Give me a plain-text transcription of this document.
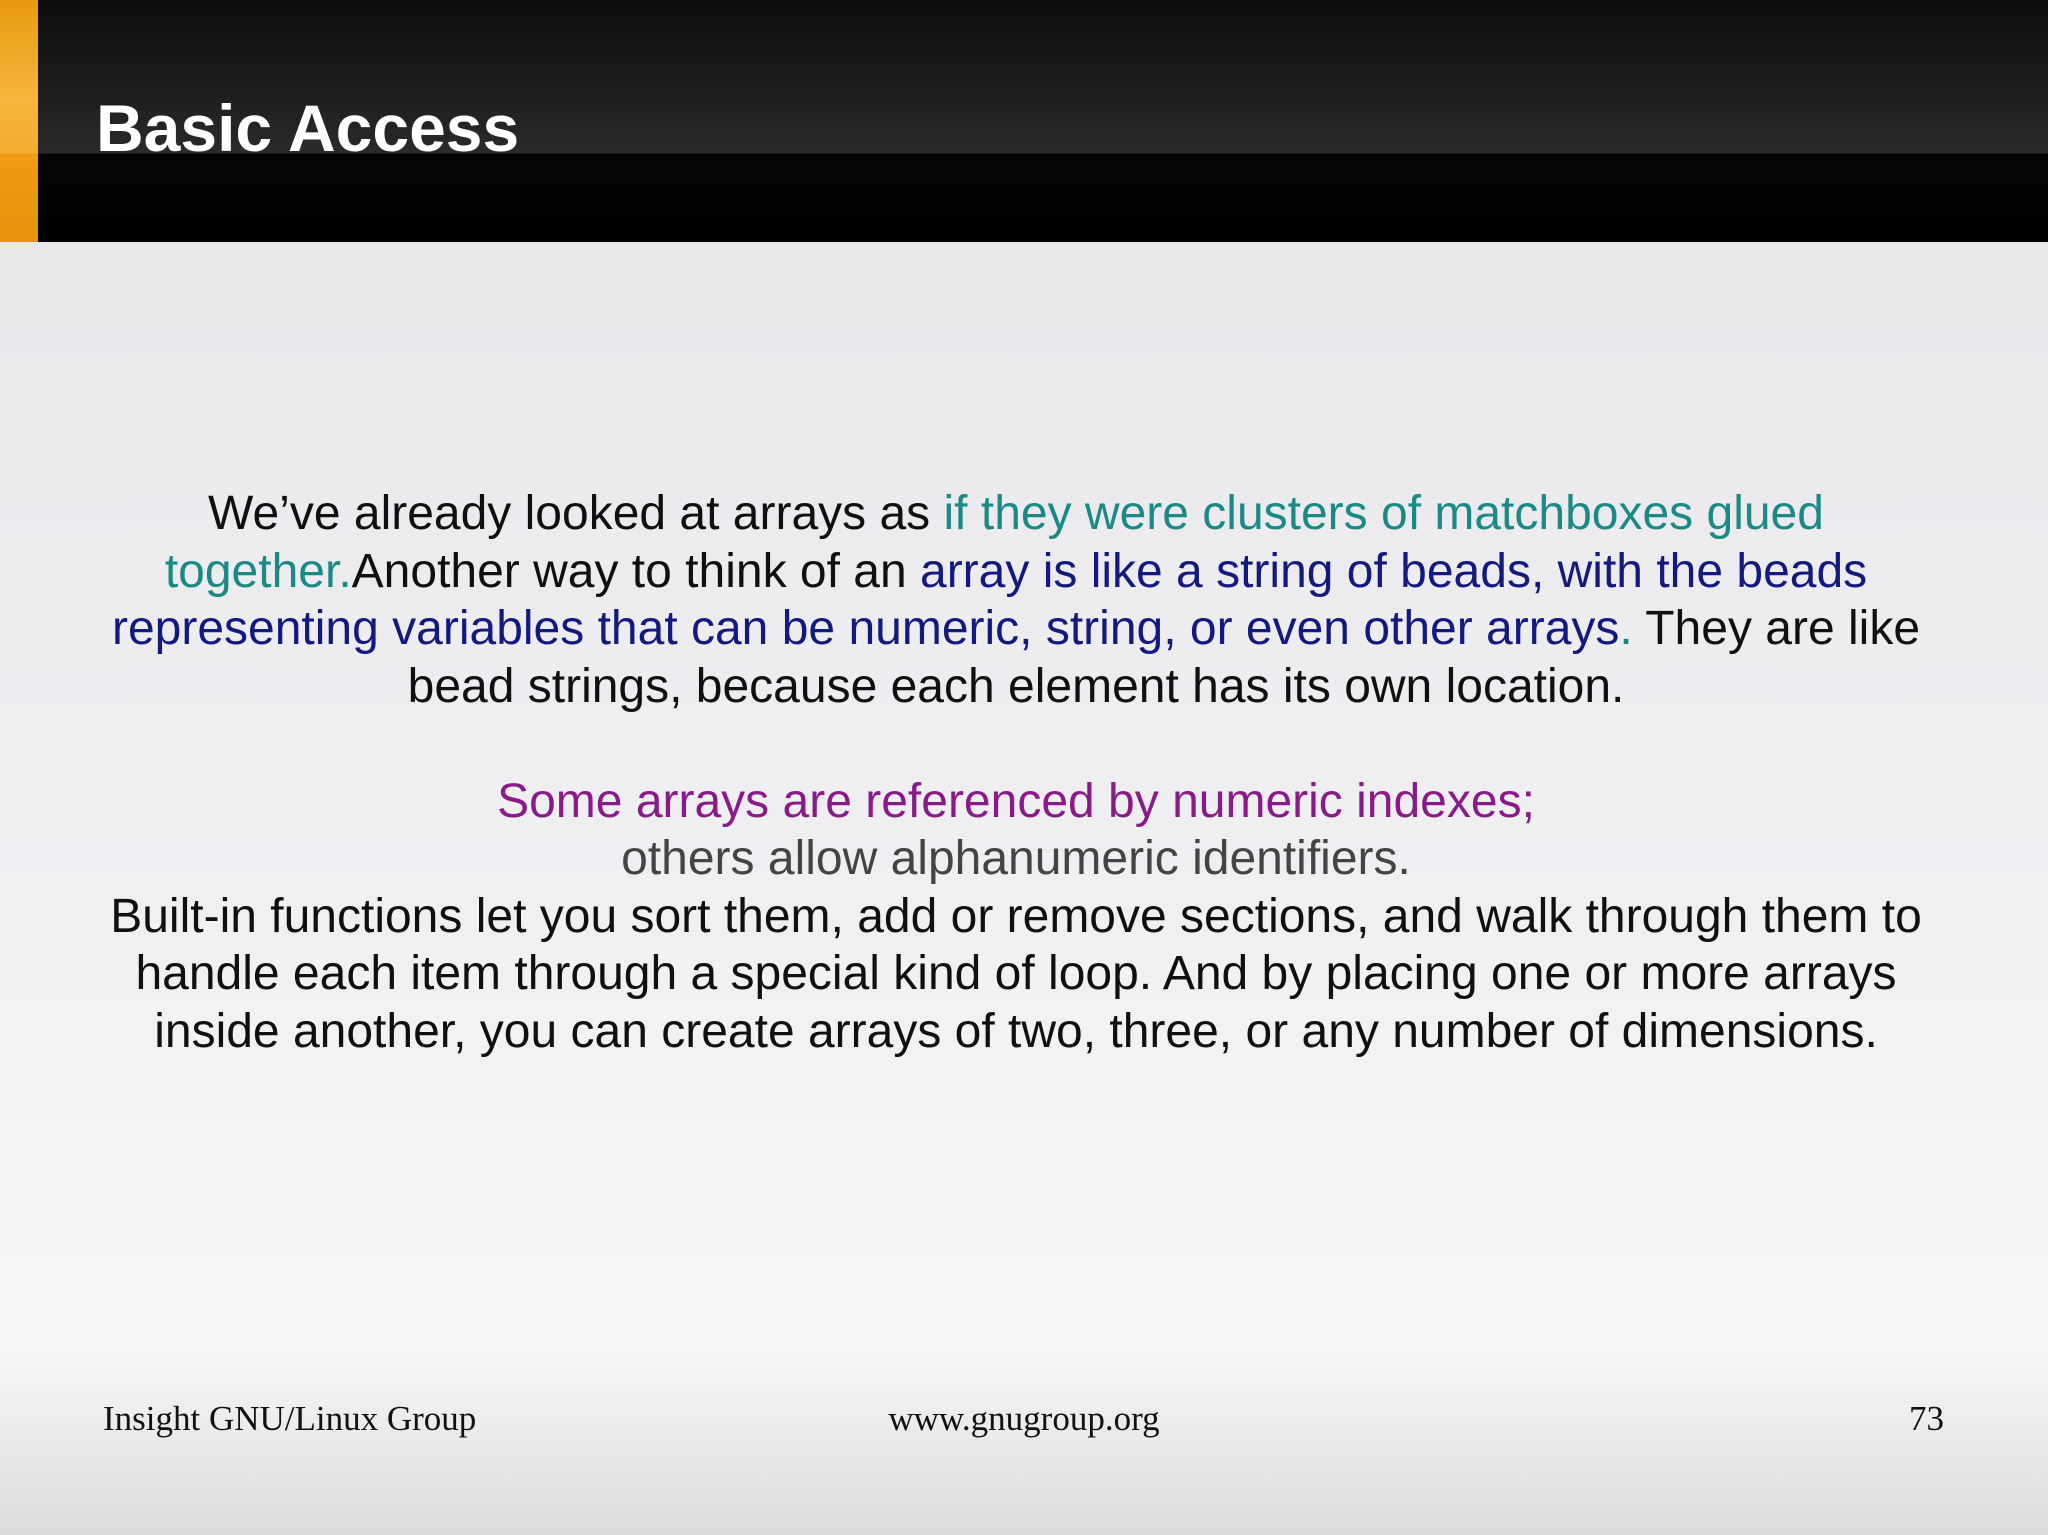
Basic Access

We’ve already looked at arrays as if they were clusters of matchboxes glued together.Another way to think of an array is like a string of beads, with the beads representing variables that can be numeric, string, or even other arrays. They are like bead strings, because each element has its own location.

Some arrays are referenced by numeric indexes;

others allow alphanumeric identifiers.

Built-in functions let you sort them, add or remove sections, and walk through them to handle each item through a special kind of loop. And by placing one or more arrays inside another, you can create arrays of two, three, or any number of dimensions.

Insight GNU/Linux Group	www.gnugroup.org	73
